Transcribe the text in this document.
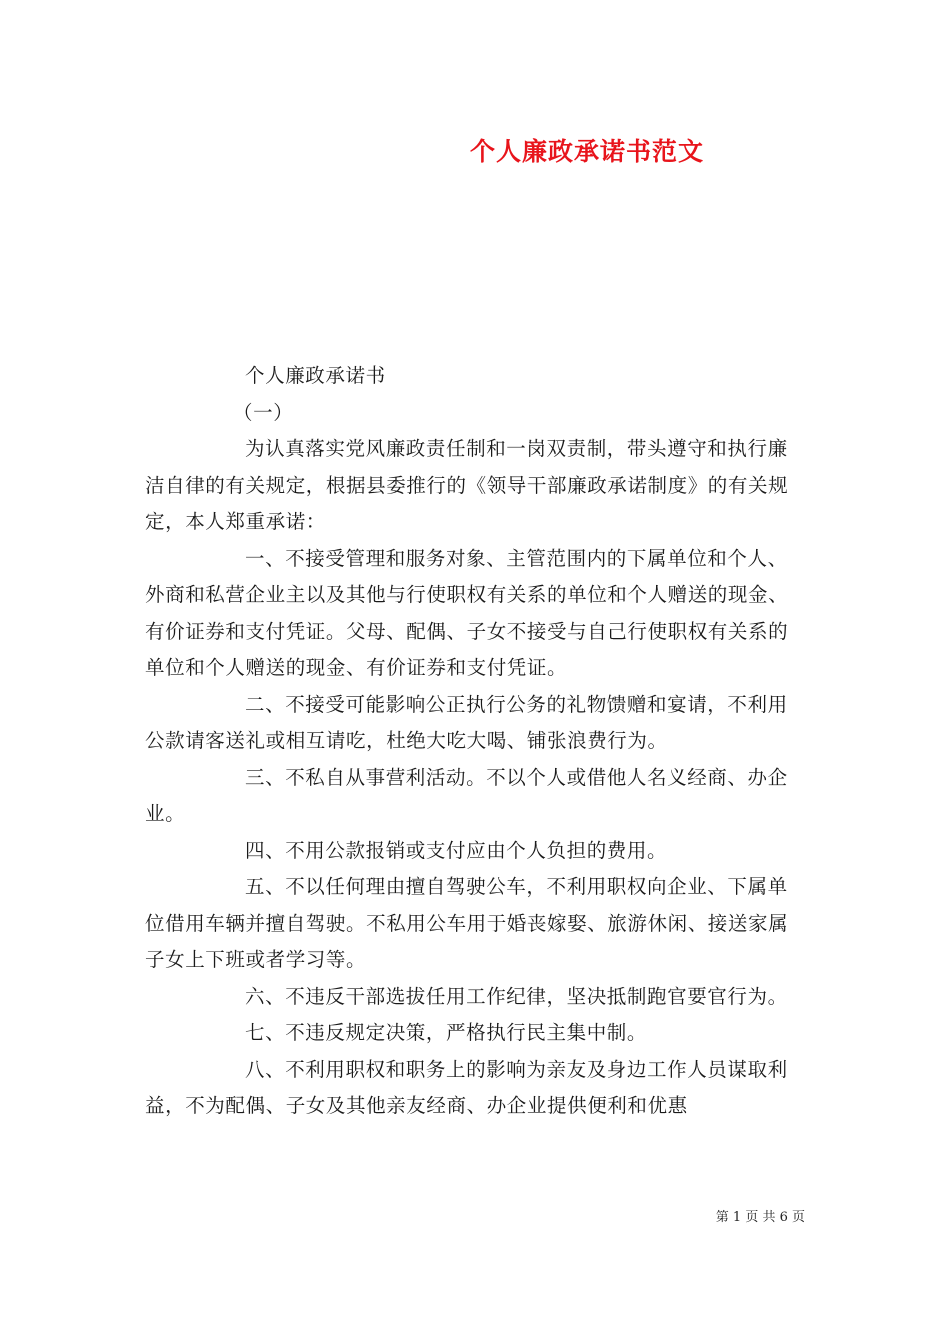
个人廉政承诺书范文

个人廉政承诺书

（一）

为认真落实党风廉政责任制和一岗双责制，带头遵守和执行廉洁自律的有关规定，根据县委推行的《领导干部廉政承诺制度》的有关规定，本人郑重承诺：

一、不接受管理和服务对象、主管范围内的下属单位和个人、外商和私营企业主以及其他与行使职权有关系的单位和个人赠送的现金、有价证券和支付凭证。父母、配偶、子女不接受与自己行使职权有关系的单位和个人赠送的现金、有价证券和支付凭证。

二、不接受可能影响公正执行公务的礼物馈赠和宴请，不利用公款请客送礼或相互请吃，杜绝大吃大喝、铺张浪费行为。

三、不私自从事营利活动。不以个人或借他人名义经商、办企业。

四、不用公款报销或支付应由个人负担的费用。

五、不以任何理由擅自驾驶公车，不利用职权向企业、下属单位借用车辆并擅自驾驶。不私用公车用于婚丧嫁娶、旅游休闲、接送家属子女上下班或者学习等。

六、不违反干部选拔任用工作纪律，坚决抵制跑官要官行为。

七、不违反规定决策，严格执行民主集中制。

八、不利用职权和职务上的影响为亲友及身边工作人员谋取利益，不为配偶、子女及其他亲友经商、办企业提供便利和优惠

第 1 页 共 6 页
